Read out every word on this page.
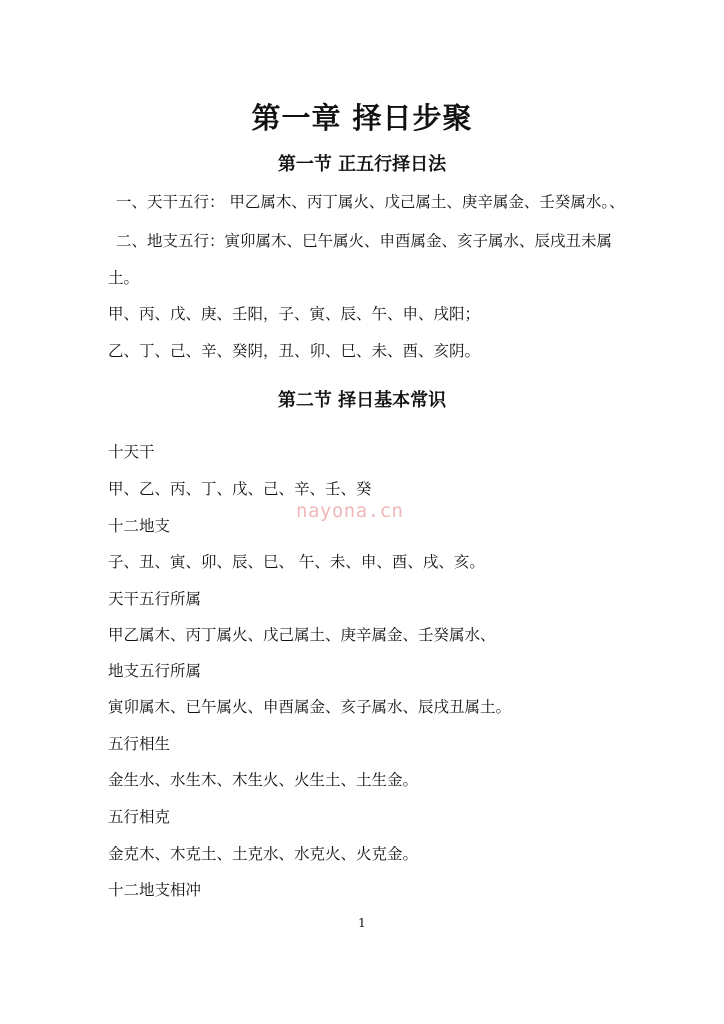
第一章 择日步聚
第一节 正五行择日法
一、天干五行： 甲乙属木、丙丁属火、戊己属土、庚辛属金、壬癸属水。、
二、地支五行：寅卯属木、巳午属火、申酉属金、亥子属水、辰戌丑未属
土。
甲、丙、戊、庚、壬阳，子、寅、辰、午、申、戌阳；
乙、丁、己、辛、癸阴，丑、卯、巳、未、酉、亥阴。
第二节 择日基本常识
十天干
甲、乙、丙、丁、戊、己、辛、壬、癸
十二地支
子、丑、寅、卯、辰、巳、 午、未、申、酉、戌、亥。
天干五行所属
甲乙属木、丙丁属火、戊己属土、庚辛属金、壬癸属水、
地支五行所属
寅卯属木、已午属火、申酉属金、亥子属水、辰戌丑属土。
五行相生
金生水、水生木、木生火、火生土、土生金。
五行相克
金克木、木克土、土克水、水克火、火克金。
十二地支相冲
nayona.cn
1
